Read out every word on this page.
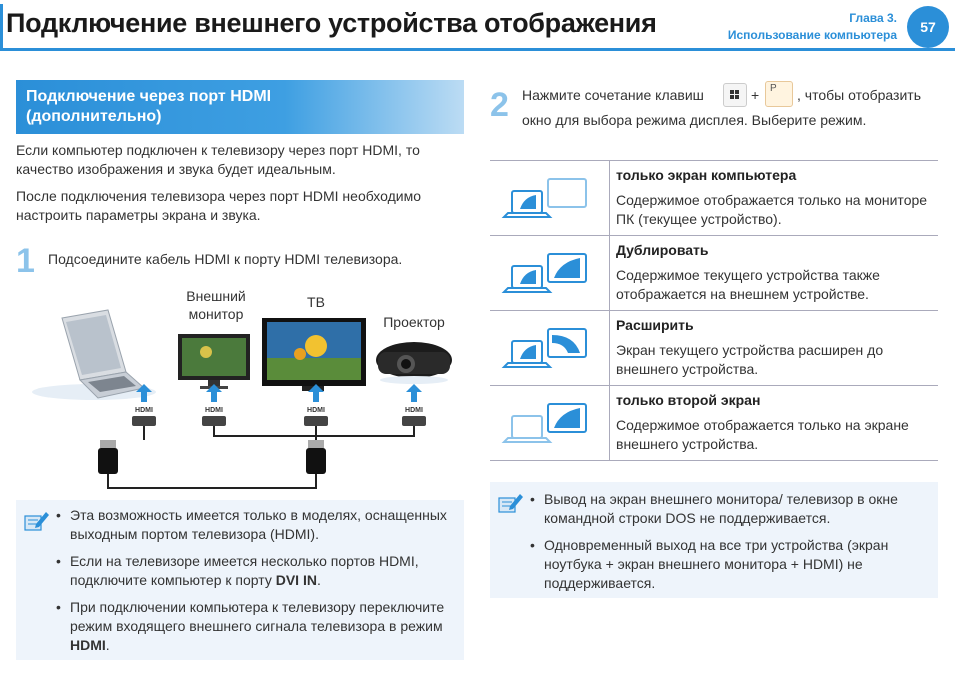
Подключение внешнего устройства отображения	Глава 3.
Использование компьютера	57
Подключение через порт HDMI
(дополнительно)
Если компьютер подключен к телевизору через порт HDMI, то качество изображения и звука будет идеальным.
После подключения телевизора через порт HDMI необходимо настроить параметры экрана и звука.
1 Подсоедините кабель HDMI к порту HDMI телевизора.
Внешний
монитор
ТВ
Проектор
HDMI	HDMI	HDMI	HDMI
• Эта возможность имеется только в моделях, оснащенных выходным портом телевизора (HDMI).
• Если на телевизоре имеется несколько портов HDMI, подключите компьютер к порту DVI IN.
• При подключении компьютера к телевизору переключите режим входящего внешнего сигнала телевизора в режим HDMI.
2 Нажмите сочетание клавиш	+ P , чтобы отобразить
окно для выбора режима дисплея. Выберите режим.
только экран компьютера
Содержимое отображается только на мониторе ПК (текущее устройство).
Дублировать
Содержимое текущего устройства также отображается на внешнем устройстве.
Расширить
Экран текущего устройства расширен до внешнего устройства.
только второй экран
Содержимое отображается только на экране внешнего устройства.
• Вывод на экран внешнего монитора/ телевизор в окне командной строки DOS не поддерживается.
• Одновременный выход на все три устройства (экран ноутбука + экран внешнего монитора + HDMI) не поддерживается.
